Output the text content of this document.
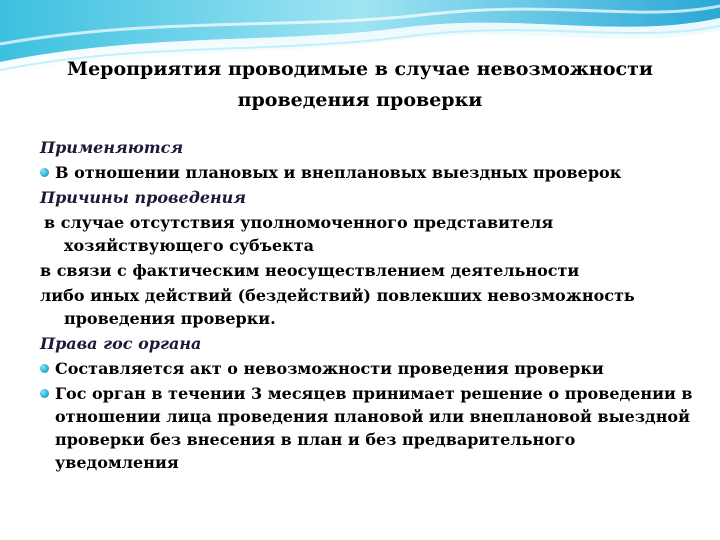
Мероприятия проводимые в случае невозможности
проведения проверки
Применяются
В отношении плановых и внеплановых выездных проверок
Причины проведения
в случае отсутствия уполномоченного представителя хозяйствующего субъекта
в связи с фактическим неосуществлением деятельности
либо иных действий (бездействий) повлекших невозможность проведения проверки.
Права гос органа
Составляется акт о невозможности проведения проверки
Гос орган в течении 3 месяцев принимает решение о проведении в отношении лица проведения плановой или внеплановой выездной проверки без внесения в план и без предварительного уведомления
